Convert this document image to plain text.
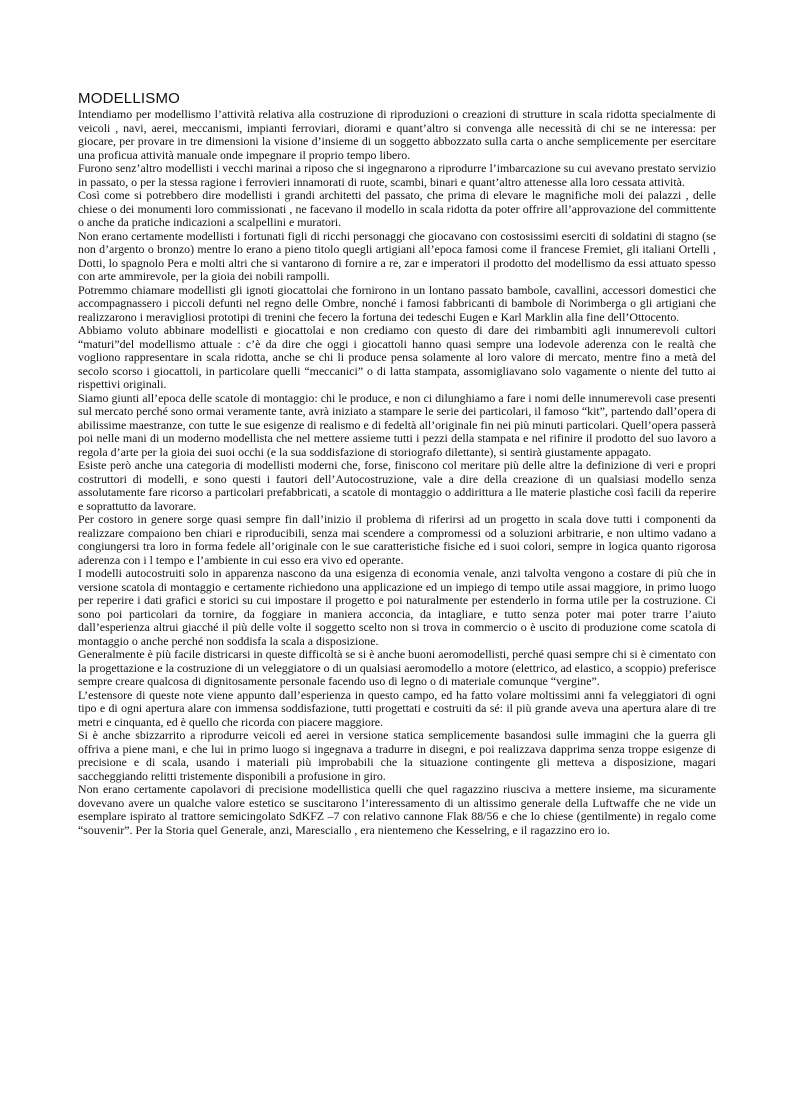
MODELLISMO

Intendiamo per modellismo l’attività relativa alla costruzione di riproduzioni o creazioni di strutture in scala ridotta specialmente di veicoli , navi, aerei, meccanismi, impianti ferroviari, diorami e quant’altro si convenga alle necessità di chi se ne interessa: per giocare, per provare in tre dimensioni la visione d’insieme di un soggetto abbozzato sulla carta o anche semplicemente per esercitare una proficua attività manuale onde impegnare il proprio tempo libero.

Furono senz’altro modellisti i vecchi marinai a riposo che si ingegnarono a riprodurre l’imbarcazione su cui avevano prestato servizio in passato, o per la stessa ragione i ferrovieri innamorati di ruote, scambi, binari e quant’altro attenesse alla loro cessata attività.

Così come si potrebbero dire modellisti i grandi architetti del passato, che prima di elevare le magnifiche moli dei palazzi , delle chiese o dei monumenti loro commissionati , ne facevano il modello in scala ridotta da poter offrire all’approvazione del committente o anche da pratiche indicazioni a scalpellini e muratori.

Non erano certamente modellisti i fortunati figli di ricchi personaggi che giocavano con costosissimi eserciti di soldatini di stagno (se non d’argento o bronzo) mentre lo erano a pieno titolo quegli artigiani all’epoca famosi come il francese Fremiet, gli italiani Ortelli , Dotti, lo spagnolo Pera e molti altri che si vantarono di fornire a re, zar e imperatori il prodotto del modellismo da essi attuato spesso con arte ammirevole, per la gioia dei nobili rampolli.

Potremmo chiamare modellisti gli ignoti giocattolai che fornirono in un lontano passato bambole, cavallini, accessori domestici che accompagnassero i piccoli defunti nel regno delle Ombre, nonché i famosi fabbricanti di bambole di Norimberga o gli artigiani che realizzarono i meravigliosi prototipi di trenini che fecero la fortuna dei tedeschi Eugen e Karl Marklin alla fine dell’Ottocento.

Abbiamo voluto abbinare modellisti e giocattolai e non crediamo con questo di dare dei rimbambiti agli innumerevoli cultori “maturi”del modellismo attuale : c’è da dire che oggi i giocattoli hanno quasi sempre una lodevole aderenza con le realtà che vogliono rappresentare in scala ridotta, anche se chi li produce pensa solamente al loro valore di mercato, mentre fino a metà del secolo scorso i giocattoli, in particolare quelli “meccanici” o di latta stampata, assomigliavano solo vagamente o niente del tutto ai rispettivi originali.

Siamo giunti all’epoca delle scatole di montaggio: chi le produce, e non ci dilunghiamo a fare i nomi delle innumerevoli case presenti sul mercato perché sono ormai veramente tante, avrà iniziato a stampare le serie dei particolari, il famoso “kit”, partendo dall’opera di abilissime maestranze, con tutte le sue esigenze di realismo e di fedeltà all’originale fin nei più minuti particolari. Quell’opera passerà poi nelle mani di un moderno modellista che nel mettere assieme tutti i pezzi della stampata e nel rifinire il prodotto del suo lavoro a regola d’arte per la gioia dei suoi occhi (e la sua soddisfazione di storiografo dilettante), si sentirà giustamente appagato.

Esiste però anche una categoria di modellisti moderni che, forse, finiscono col meritare più delle altre la definizione di veri e propri costruttori di modelli, e sono questi i fautori dell’Autocostruzione, vale a dire della creazione di un qualsiasi modello senza assolutamente fare ricorso a particolari prefabbricati, a scatole di montaggio o addirittura a lle materie plastiche così facili da reperire e soprattutto da lavorare.

Per costoro in genere sorge quasi sempre fin dall’inizio il problema di riferirsi ad un progetto in scala dove tutti i componenti da realizzare compaiono ben chiari e riproducibili, senza mai scendere a compromessi od a soluzioni arbitrarie, e non ultimo vadano a congiungersi tra loro in forma fedele all’originale con le sue caratteristiche fisiche ed i suoi colori, sempre in logica quanto rigorosa aderenza con i l tempo e l’ambiente in cui esso era vivo ed operante.

I modelli autocostruiti solo in apparenza nascono da una esigenza di economia venale, anzi talvolta vengono a costare di più che in versione scatola di montaggio e certamente richiedono una applicazione ed un impiego di tempo utile assai maggiore, in primo luogo per reperire i dati grafici e storici su cui impostare il progetto e poi naturalmente per estenderlo in forma utile per la costruzione. Ci sono poi particolari da tornire, da foggiare in maniera acconcia, da intagliare, e tutto senza poter mai poter trarre l’aiuto dall’esperienza altrui giacché il più delle volte il soggetto scelto non si trova in commercio o è uscito di produzione come scatola di montaggio o anche perché non soddisfa la scala a disposizione.

Generalmente è più facile districarsi in queste difficoltà se si è anche buoni aeromodellisti, perché quasi sempre chi si è cimentato con la progettazione e la costruzione di un veleggiatore o di un qualsiasi aeromodello a motore (elettrico, ad elastico, a scoppio) preferisce sempre creare qualcosa di dignitosamente personale facendo uso di legno o di materiale comunque “vergine”.

L’estensore di queste note viene appunto dall’esperienza in questo campo, ed ha fatto volare moltissimi anni fa veleggiatori di ogni tipo e di ogni apertura alare con immensa soddisfazione, tutti progettati e costruiti da sé: il più grande aveva una apertura alare di tre metri e cinquanta, ed è quello che ricorda con piacere maggiore.

Si è anche sbizzarrito a riprodurre veicoli ed aerei in versione statica semplicemente basandosi sulle immagini che la guerra gli offriva a piene mani, e che lui in primo luogo si ingegnava a tradurre in disegni, e poi realizzava dapprima senza troppe esigenze di precisione e di scala, usando i materiali più improbabili che la situazione contingente gli metteva a disposizione, magari saccheggiando relitti tristemente disponibili a profusione in giro.

Non erano certamente capolavori di precisione modellistica quelli che quel ragazzino riusciva a mettere insieme, ma sicuramente dovevano avere un qualche valore estetico se suscitarono l’interessamento di un altissimo generale della Luftwaffe che ne vide un esemplare ispirato al trattore semicingolato SdKFZ –7 con relativo cannone Flak 88/56 e che lo chiese (gentilmente) in regalo come “souvenir”. Per la Storia quel Generale, anzi, Maresciallo , era nientemeno che Kesselring, e il ragazzino ero io.
